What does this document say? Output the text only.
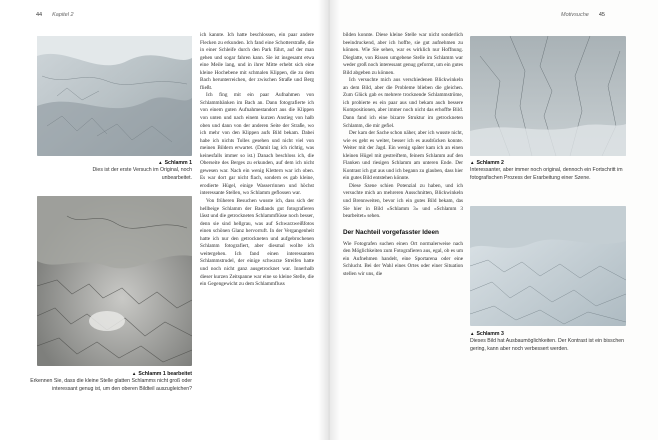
44 Kapitel 2
▲ Schlamm 1
Dies ist der erste Versuch im Original, noch unbearbeitet.
▲ Schlamm 1 bearbeitet
Erkennen Sie, dass die kleine Stelle glatten Schlamms nicht groß oder interessant genug ist, um den oberen Bildteil auszugleichen?

ich kannte. Ich hatte beschlossen, ein paar andere Flecken zu erkunden. Ich fand eine Schotterstraße, die in einer Schleife durch den Park führt, auf der man gehen und sogar fahren kann. Sie ist insgesamt etwa eine Meile lang, und in ihrer Mitte erhebt sich eine kleine Hochebene mit schmalen Klippen, die zu dem Bach herunterreichen, der zwischen Straße und Berg fließt.

Ich fing mit ein paar Aufnahmen von Schlammbänken im Bach an. Dann fotografierte ich von einem guten Aufnahmestandort aus die Klippen von unten und nach einem kurzen Anstieg von halb oben und dann von der anderen Seite der Straße, wo ich mehr von den Klippen aufs Bild bekam. Dabei habe ich nichts Tolles gesehen und nicht viel von meinen Bildern erwartet. (Damit lag ich richtig, was keinesfalls immer so ist.) Danach beschloss ich, die Oberseite des Berges zu erkunden, auf dem ich nicht gewesen war. Nach ein wenig Klettern war ich oben. Es war dort gar nicht flach, sondern es gab kleine, erodierte Hügel, einige Wasserrinnen und höchst interessante Stellen, wo Schlamm geflossen war.

Von früheren Besuchen wusste ich, dass sich der hellbeige Schlamm der Badlands gut fotografieren lässt und die getrockneten Schlammflüsse noch besser, denn sie sind hellgrau, was auf Schwarzweißfotos einen schönen Glanz hervorruft. In der Vergangenheit hatte ich nur den getrockneten und aufgebrochenen Schlamm fotografiert, aber diesmal wollte ich weitergehen. Ich fand einen interessanten Schlammstrudel, der einige schwarze Streifen hatte und noch nicht ganz ausgetrocknet war. Innerhalb dieser kurzen Zeitspanne war eine so kleine Stelle, die ein Gegengewicht zu dem Schlammfluss

Motivsuche 45

bilden konnte. Diese kleine Stelle war nicht sonderlich beeindruckend, aber ich hoffte, sie gut aufnehmen zu können. Wie Sie sehen, war es wirklich nur Hoffnung. Dieglatte, von Rissen umgebene Stelle im Schlamm war weder groß noch interessant genug geformt, um ein gutes Bild abgeben zu können.

Ich versuchte mich aus verschiedenen Blickwinkeln an dem Bild, aber die Probleme blieben die gleichen. Zum Glück gab es mehrere trocknende Schlammströme, ich probierte es ein paar aus und bekam auch bessere Kompositionen, aber immer noch nicht das erhoffte Bild. Dann fand ich eine bizarre Struktur im getrockneten Schlamm, die mir gefiel.

Der kam der Sache schon näher, aber ich wusste nicht, wie es geht es weiter, besser ich es ausdrücken konnte. Weiter mit der Jagd. Ein wenig später kam ich an einen kleinen Hügel mit gestreiftem, feinem Schlamm auf den Flanken und riesigen Schlamm am unteren Ende. Der Kontrast ich gut aus und ich begann zu glauben, dass hier ein gutes Bild entstehen könnte.

Diese Szene schien Potenzial zu haben, und ich versuchte mich an mehreren Ausschnitten, Blickwinkeln und Brennweiten, bevor ich ein gutes Bild bekam, das Sie hier in Bild »Schlamm 3« und »Schlamm 3 bearbeitet« sehen.

Der Nachteil vorgefasster Ideen

Wie Fotografen suchen einen Ort normalerweise nach den Möglichkeiten zum Fotografieren aus, egal, ob es um ein Aufnehmen handelt, eine Sportarena oder eine Schlucht. Bei der Wahl eines Ortes oder einer Situation stellen wir uns, die

▲ Schlamm 2
Interessanter, aber immer noch original, dennoch ein Fortschritt im fotografischen Prozess der Erarbeitung einer Szene.
▲ Schlamm 3
Dieses Bild hat Ausbaumöglichkeiten. Der Kontrast ist ein bisschen gering, kann aber noch verbessert werden.
